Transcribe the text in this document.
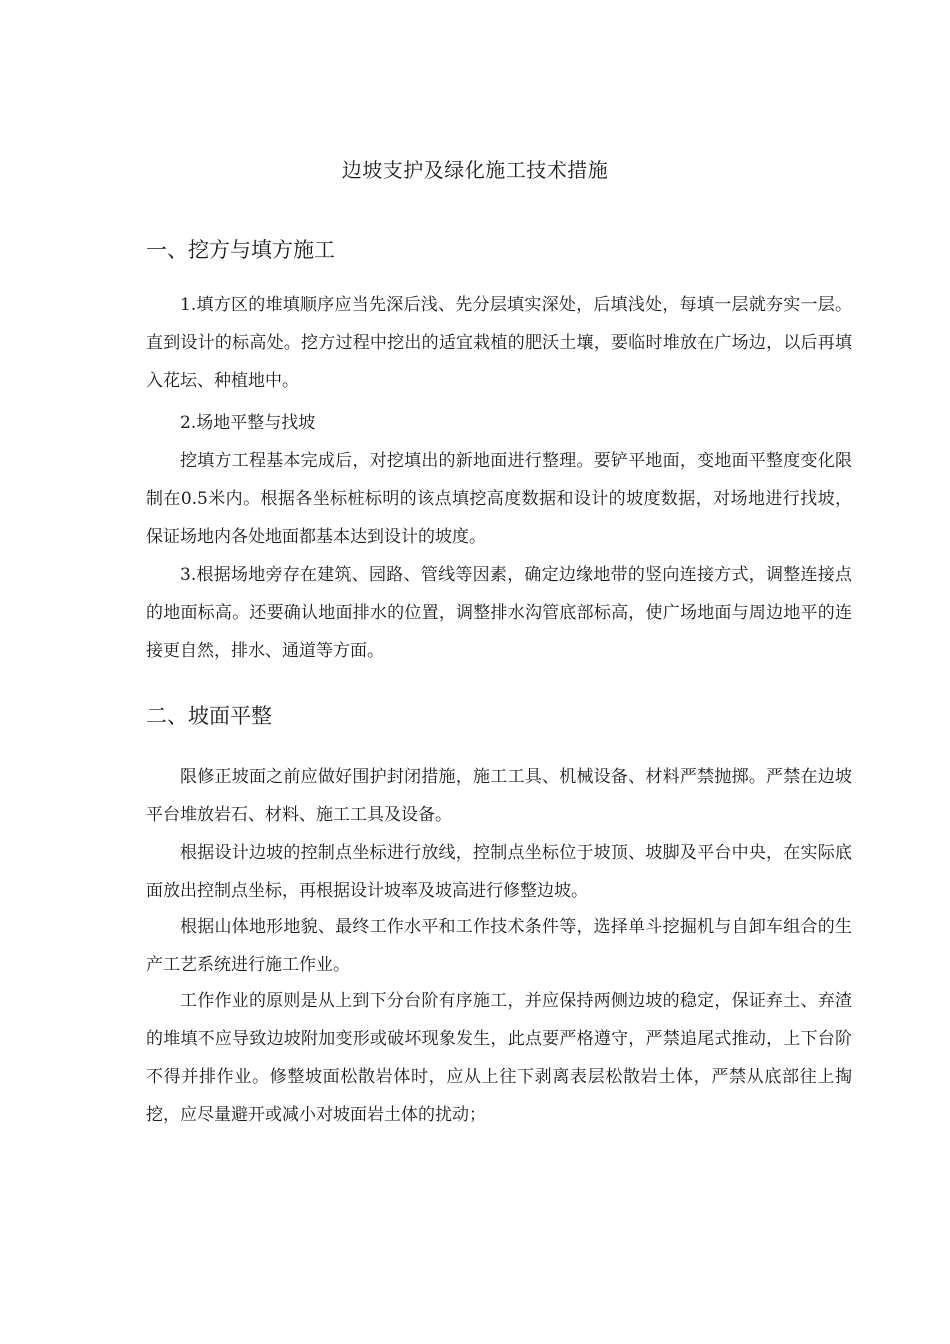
边坡支护及绿化施工技术措施
一、挖方与填方施工

1.填方区的堆填顺序应当先深后浅、先分层填实深处，后填浅处，每填一层就夯实一层。直到设计的标高处。挖方过程中挖出的适宜栽植的肥沃土壤，要临时堆放在广场边，以后再填入花坛、种植地中。

2.场地平整与找坡

挖填方工程基本完成后，对挖填出的新地面进行整理。要铲平地面，变地面平整度变化限制在0.5米内。根据各坐标桩标明的该点填挖高度数据和设计的坡度数据，对场地进行找坡，保证场地内各处地面都基本达到设计的坡度。

3.根据场地旁存在建筑、园路、管线等因素，确定边缘地带的竖向连接方式，调整连接点的地面标高。还要确认地面排水的位置，调整排水沟管底部标高，使广场地面与周边地平的连接更自然，排水、通道等方面。

二、坡面平整

限修正坡面之前应做好围护封闭措施，施工工具、机械设备、材料严禁抛掷。严禁在边坡平台堆放岩石、材料、施工工具及设备。

根据设计边坡的控制点坐标进行放线，控制点坐标位于坡顶、坡脚及平台中央，在实际底面放出控制点坐标，再根据设计坡率及坡高进行修整边坡。

根据山体地形地貌、最终工作水平和工作技术条件等，选择单斗挖掘机与自卸车组合的生产工艺系统进行施工作业。

工作作业的原则是从上到下分台阶有序施工，并应保持两侧边坡的稳定，保证弃土、弃渣的堆填不应导致边坡附加变形或破坏现象发生，此点要严格遵守，严禁追尾式推动，上下台阶不得并排作业。修整坡面松散岩体时，应从上往下剥离表层松散岩土体，严禁从底部往上掏挖，应尽量避开或减小对坡面岩土体的扰动；
